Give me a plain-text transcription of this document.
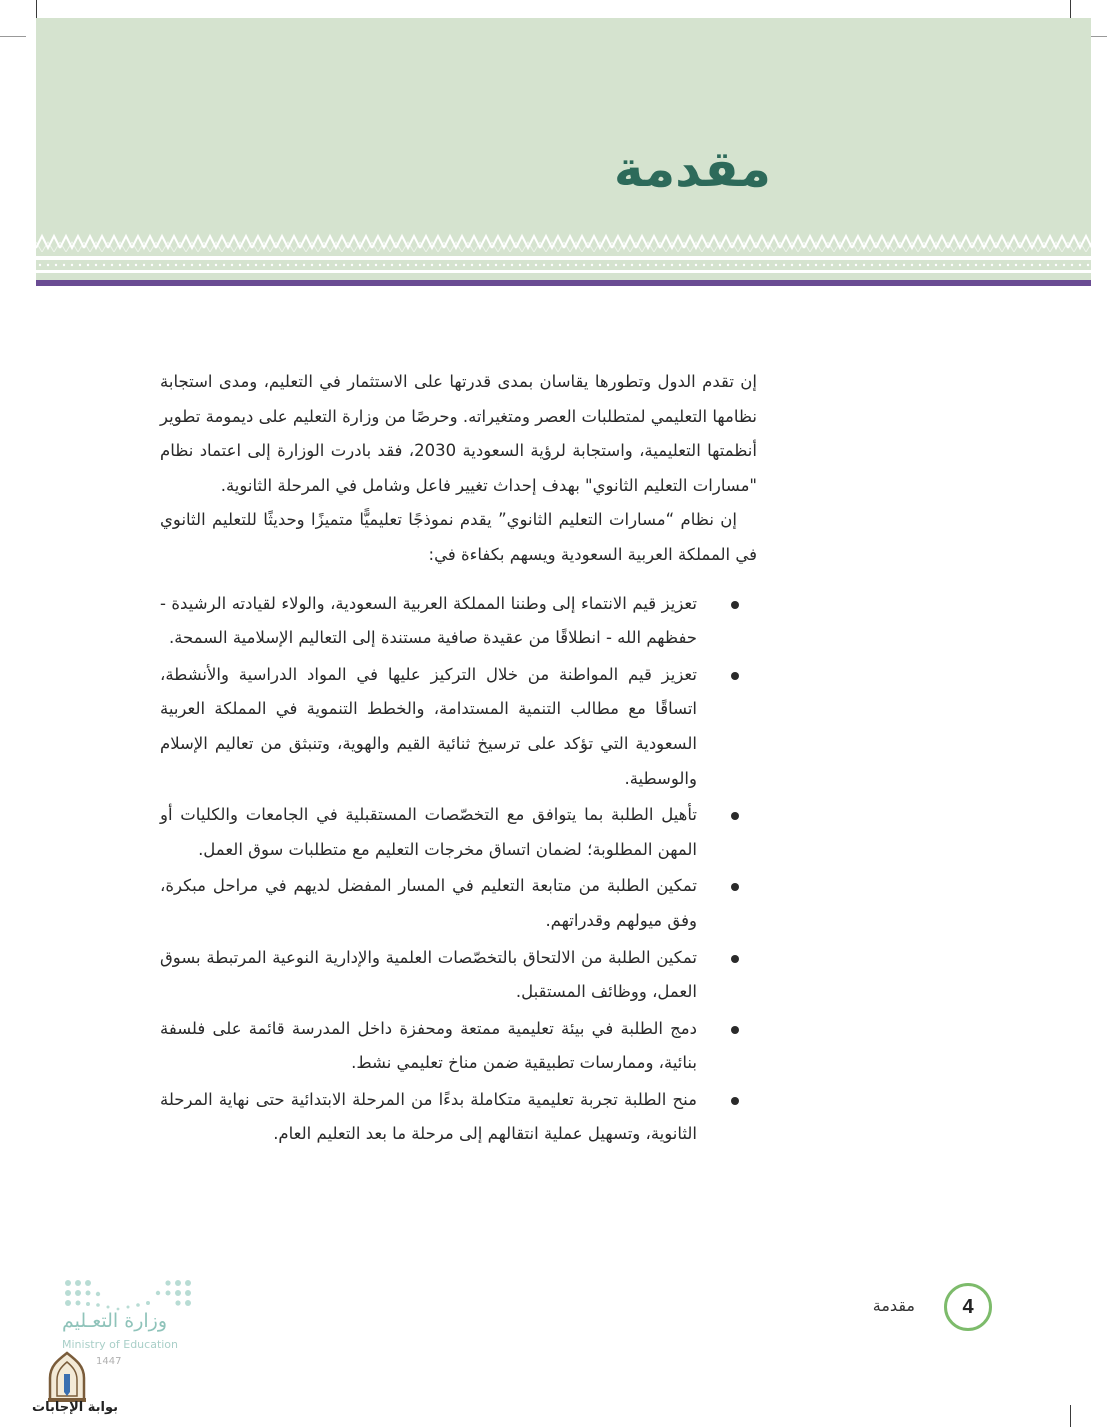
مقدمة

إن تقدم الدول وتطورها يقاسان بمدى قدرتها على الاستثمار في التعليم، ومدى استجابة نظامها التعليمي لمتطلبات العصر ومتغيراته. وحرصًا من وزارة التعليم على ديمومة تطوير أنظمتها التعليمية، واستجابة لرؤية السعودية 2030، فقد بادرت الوزارة إلى اعتماد نظام "مسارات التعليم الثانوي" بهدف إحداث تغيير فاعل وشامل في المرحلة الثانوية.

إن نظام “مسارات التعليم الثانوي” يقدم نموذجًا تعليميًّا متميزًا وحديثًا للتعليم الثانوي في المملكة العربية السعودية ويسهم بكفاءة في:

تعزيز قيم الانتماء إلى وطننا المملكة العربية السعودية، والولاء لقيادته الرشيدة - حفظهم الله - انطلاقًا من عقيدة صافية مستندة إلى التعاليم الإسلامية السمحة.
تعزيز قيم المواطنة من خلال التركيز عليها في المواد الدراسية والأنشطة، اتساقًا مع مطالب التنمية المستدامة، والخطط التنموية في المملكة العربية السعودية التي تؤكد على ترسيخ ثنائية القيم والهوية، وتنبثق من تعاليم الإسلام والوسطية.
تأهيل الطلبة بما يتوافق مع التخصّصات المستقبلية في الجامعات والكليات أو المهن المطلوبة؛ لضمان اتساق مخرجات التعليم مع متطلبات سوق العمل.
تمكين الطلبة من متابعة التعليم في المسار المفضل لديهم في مراحل مبكرة، وفق ميولهم وقدراتهم.
تمكين الطلبة من الالتحاق بالتخصّصات العلمية والإدارية النوعية المرتبطة بسوق العمل، ووظائف المستقبل.
دمج الطلبة في بيئة تعليمية ممتعة ومحفزة داخل المدرسة قائمة على فلسفة بنائية، وممارسات تطبيقية ضمن مناخ تعليمي نشط.
منح الطلبة تجربة تعليمية متكاملة بدءًا من المرحلة الابتدائية حتى نهاية المرحلة الثانوية، وتسهيل عملية انتقالهم إلى مرحلة ما بعد التعليم العام.
4
مقدمة
وزارة التعـليم
Ministry of Education
1447
بوابة الإجابات
